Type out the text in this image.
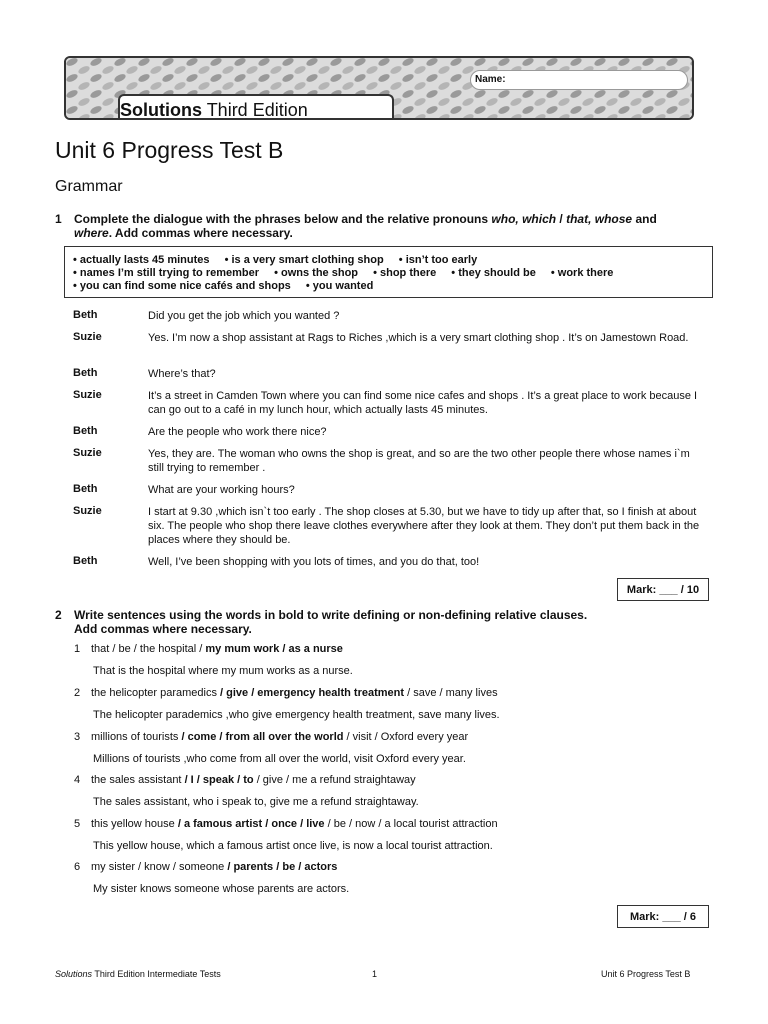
Solutions Third Edition
Name:
Unit 6 Progress Test B
Grammar
1 Complete the dialogue with the phrases below and the relative pronouns who, which / that, whose and
where. Add commas where necessary.
• actually lasts 45 minutes • is a very smart clothing shop • isn’t too early
• names I’m still trying to remember • owns the shop • shop there • they should be • work there
• you can find some nice cafés and shops • you wanted
Beth	Did you get the job which you wanted ?
Suzie	Yes. I’m now a shop assistant at Rags to Riches ,which is a very smart clothing shop . It’s on Jamestown Road.
Beth	Where’s that?
Suzie	It’s a street in Camden Town where you can find some nice cafes and shops . It’s a great place to work because I can go out to a café in my lunch hour, which actually lasts 45 minutes.
Beth	Are the people who work there nice?
Suzie	Yes, they are. The woman who owns the shop is great, and so are the two other people there whose names i`m still trying to remember .
Beth	What are your working hours?
Suzie	I start at 9.30 ,which isn`t too early . The shop closes at 5.30, but we have to tidy up after that, so I finish at about six. The people who shop there leave clothes everywhere after they look at them. They don’t put them back in the places where they should be.
Beth	Well, I’ve been shopping with you lots of times, and you do that, too!
Mark: ___ / 10
2 Write sentences using the words in bold to write defining or non-defining relative clauses.
Add commas where necessary.
1 that / be / the hospital / my mum work / as a nurse
That is the hospital where my mum works as a nurse.
2 the helicopter paramedics / give / emergency health treatment / save / many lives
The helicopter parademics ,who give emergency health treatment, save many lives.
3 millions of tourists / come / from all over the world / visit / Oxford every year
Millions of tourists ,who come from all over the world, visit Oxford every year.
4 the sales assistant / I / speak / to / give / me a refund straightaway
The sales assistant, who i speak to, give me a refund straightaway.
5 this yellow house / a famous artist / once / live / be / now / a local tourist attraction
This yellow house, which a famous artist once live, is now a local tourist attraction.
6 my sister / know / someone / parents / be / actors
My sister knows someone whose parents are actors.
Mark: ___ / 6
Solutions Third Edition Intermediate Tests	1	Unit 6 Progress Test B
